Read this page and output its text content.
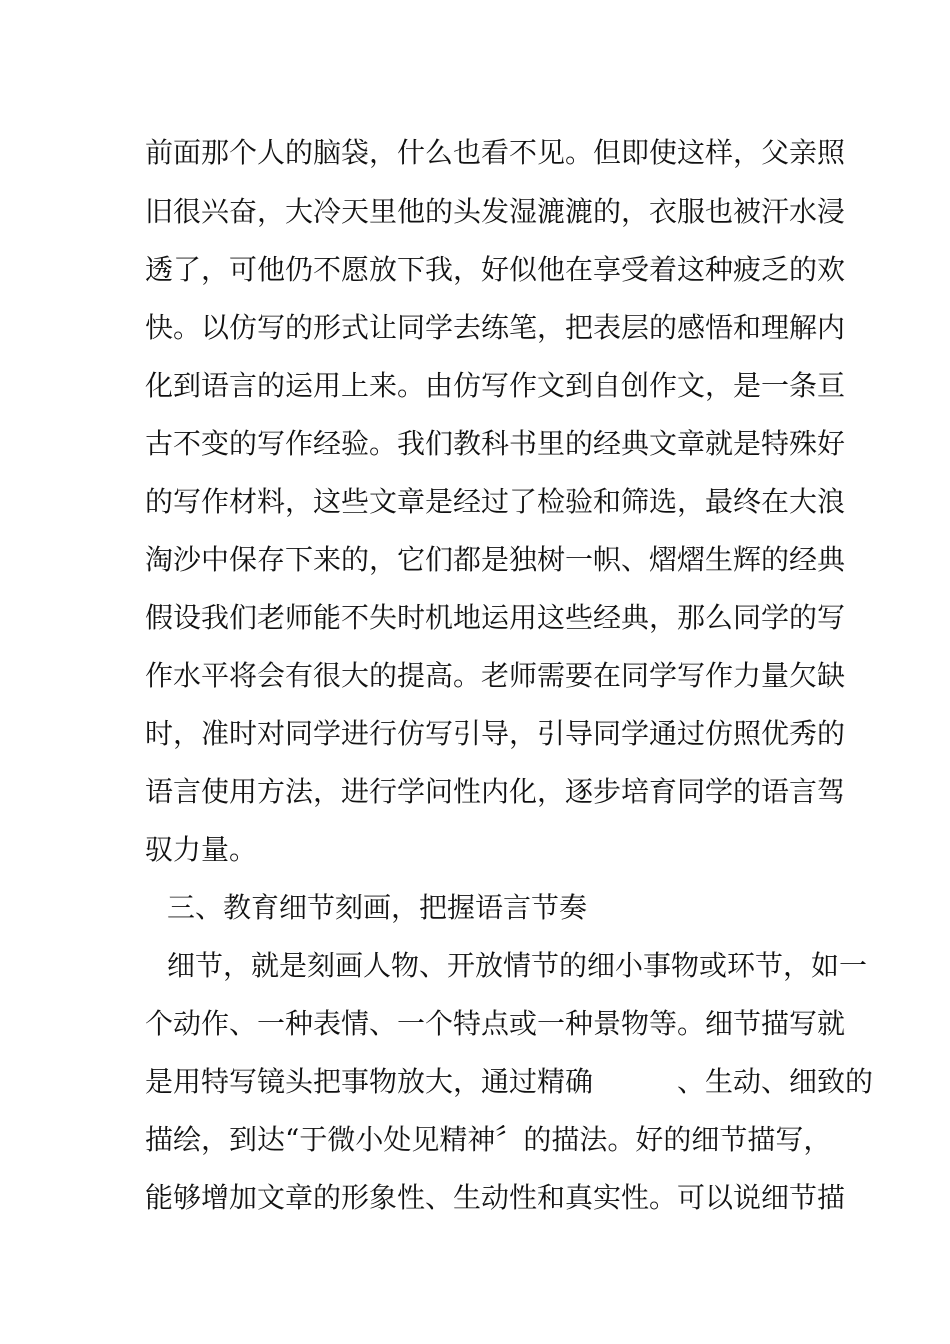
前面那个人的脑袋，什么也看不见。但即使这样，父亲照
旧很兴奋，大冷天里他的头发湿漉漉的，衣服也被汗水浸
透了，可他仍不愿放下我，好似他在享受着这种疲乏的欢
快。以仿写的形式让同学去练笔，把表层的感悟和理解内
化到语言的运用上来。由仿写作文到自创作文，是一条亘
古不变的写作经验。我们教科书里的经典文章就是特殊好
的写作材料，这些文章是经过了检验和筛选，最终在大浪
淘沙中保存下来的，它们都是独树一帜、熠熠生辉的经典
假设我们老师能不失时机地运用这些经典，那么同学的写
作水平将会有很大的提高。老师需要在同学写作力量欠缺
时，准时对同学进行仿写引导，引导同学通过仿照优秀的
语言使用方法，进行学问性内化，逐步培育同学的语言驾
驭力量。
三、教育细节刻画，把握语言节奏
细节，就是刻画人物、开放情节的细小事物或环节，如一
个动作、一种表情、一个特点或一种景物等。细节描写就
是用特写镜头把事物放大，通过精确　　　、生动、细致的
描绘，到达“于微小处见精神〞的描法。好的细节描写，
能够增加文章的形象性、生动性和真实性。可以说细节描
